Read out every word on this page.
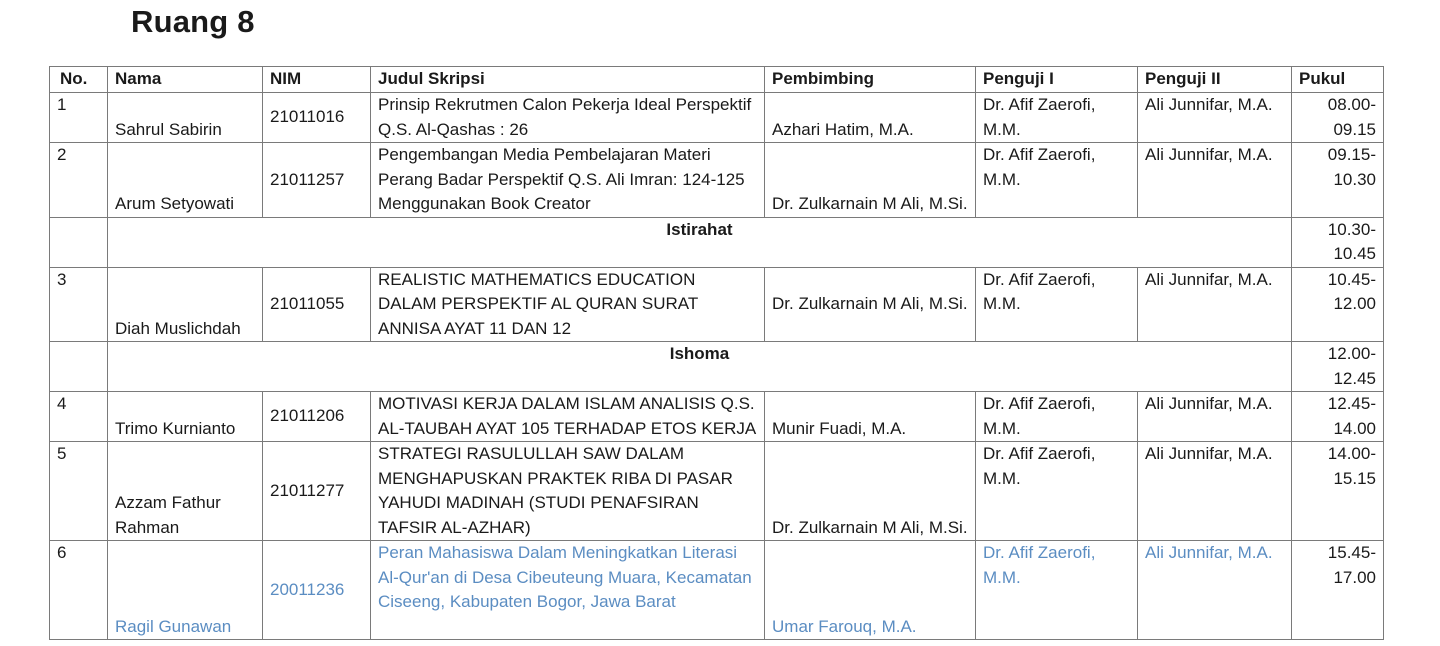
Ruang 8
No.	Nama	NIM	Judul Skripsi	Pembimbing	Penguji I	Penguji II	Pukul
1	Sahrul Sabirin	21011016	Prinsip Rekrutmen Calon Pekerja Ideal Perspektif Q.S. Al-Qashas : 26	Azhari Hatim, M.A.	Dr. Afif Zaerofi, M.M.	Ali Junnifar, M.A.	08.00-
09.15

2	Arum Setyowati	21011257	Pengembangan Media Pembelajaran Materi Perang Badar Perspektif Q.S. Ali Imran: 124-125 Menggunakan Book Creator	Dr. Zulkarnain M Ali, M.Si.	Dr. Afif Zaerofi, M.M.	Ali Junnifar, M.A.	09.15-
10.30

	Istirahat						10.30-
10.45

3	Diah Muslichdah	21011055	REALISTIC MATHEMATICS EDUCATION DALAM PERSPEKTIF AL QURAN SURAT ANNISA AYAT 11 DAN 12	Dr. Zulkarnain M Ali, M.Si.	Dr. Afif Zaerofi, M.M.	Ali Junnifar, M.A.	10.45-
12.00

	Ishoma						12.00-
12.45

4	Trimo Kurnianto	21011206	MOTIVASI KERJA DALAM ISLAM ANALISIS Q.S. AL-TAUBAH AYAT 105 TERHADAP ETOS KERJA	Munir Fuadi, M.A.	Dr. Afif Zaerofi, M.M.	Ali Junnifar, M.A.	12.45-
14.00

5	Azzam Fathur Rahman	21011277	STRATEGI RASULULLAH SAW DALAM MENGHAPUSKAN PRAKTEK RIBA DI PASAR YAHUDI MADINAH (STUDI PENAFSIRAN TAFSIR AL-AZHAR)	Dr. Zulkarnain M Ali, M.Si.	Dr. Afif Zaerofi, M.M.	Ali Junnifar, M.A.	14.00-
15.15

6	Ragil Gunawan	20011236	Peran Mahasiswa Dalam Meningkatkan Literasi Al-Qur'an di Desa Cibeuteung Muara, Kecamatan Ciseeng, Kabupaten Bogor, Jawa Barat	Umar Farouq, M.A.	Dr. Afif Zaerofi, M.M.	Ali Junnifar, M.A.	15.45-
17.00
